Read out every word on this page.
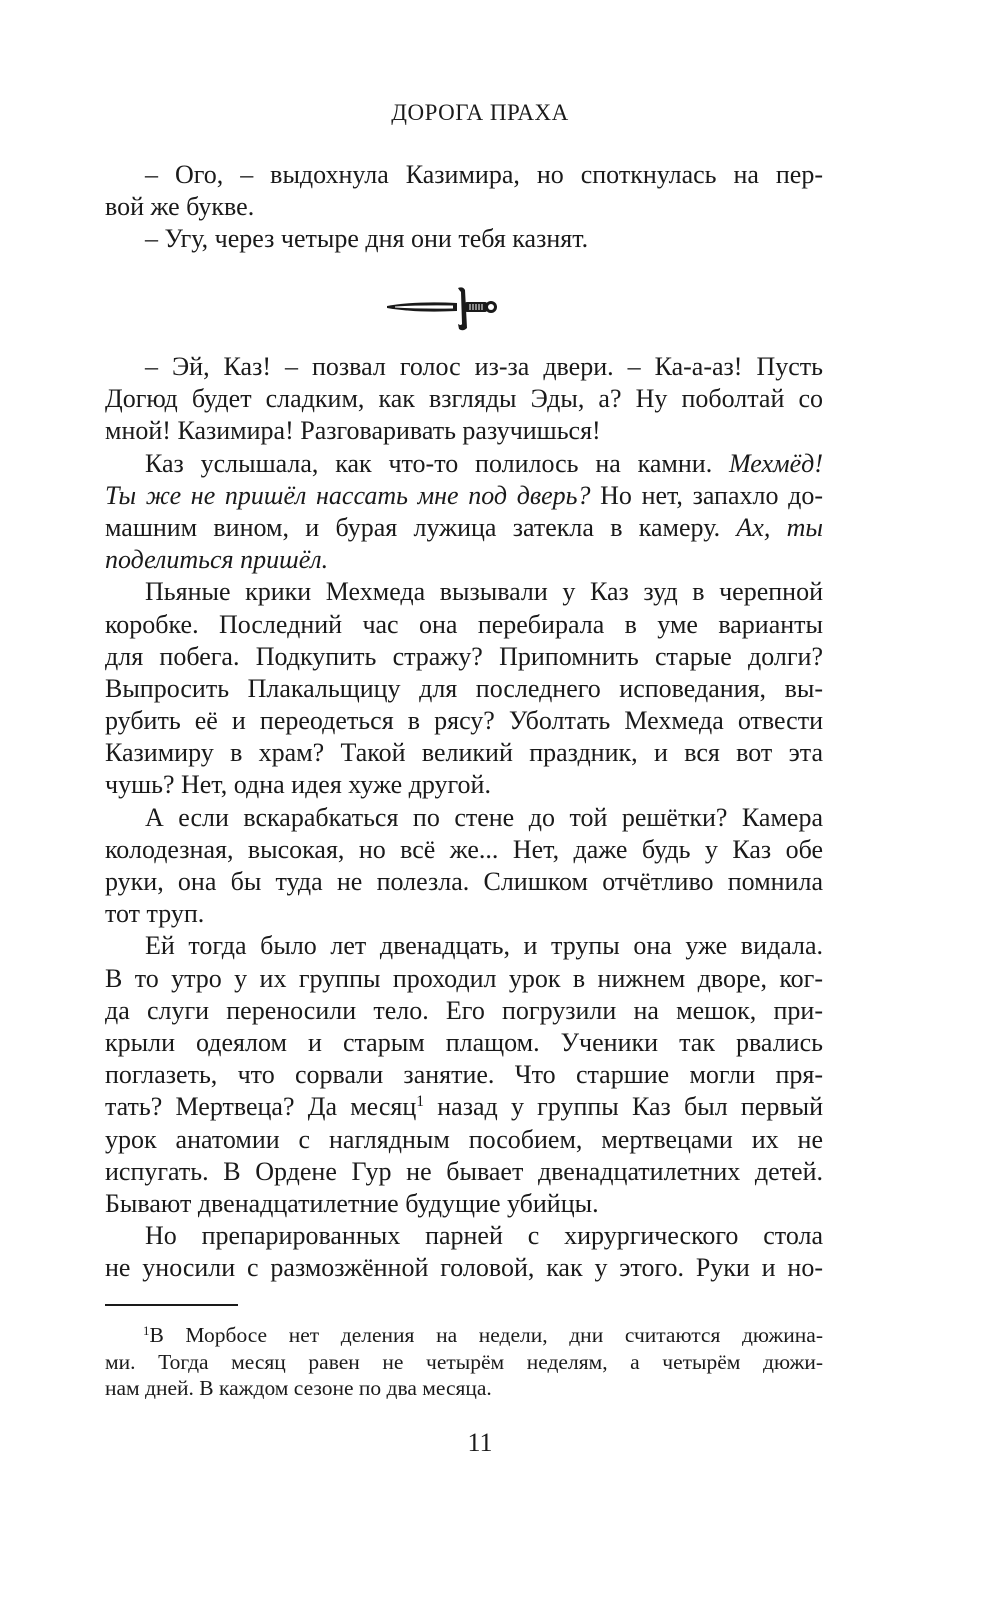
ДОРОГА ПРАХА
– Ого, – выдохнула Казимира, но споткнулась на пер-
вой же букве.
– Угу, через четыре дня они тебя казнят.
– Эй, Каз! – позвал голос из-за двери. – Ка-а-аз! Пусть
Догюд будет сладким, как взгляды Эды, а? Ну поболтай со
мной! Казимира! Разговаривать разучишься!
Каз услышала, как что-то полилось на камни. Мехмёд!
Ты же не пришёл нассать мне под дверь? Но нет, запахло до-
машним вином, и бурая лужица затекла в камеру. Ах, ты
поделиться пришёл.
Пьяные крики Мехмеда вызывали у Каз зуд в черепной
коробке. Последний час она перебирала в уме варианты
для побега. Подкупить стражу? Припомнить старые долги?
Выпросить Плакальщицу для последнего исповедания, вы-
рубить её и переодеться в рясу? Уболтать Мехмеда отвести
Казимиру в храм? Такой великий праздник, и вся вот эта
чушь? Нет, одна идея хуже другой.
А если вскарабкаться по стене до той решётки? Камера
колодезная, высокая, но всё же... Нет, даже будь у Каз обе
руки, она бы туда не полезла. Слишком отчётливо помнила
тот труп.
Ей тогда было лет двенадцать, и трупы она уже видала.
В то утро у их группы проходил урок в нижнем дворе, ког-
да слуги переносили тело. Его погрузили на мешок, при-
крыли одеялом и старым плащом. Ученики так рвались
поглазеть, что сорвали занятие. Что старшие могли пря-
тать? Мертвеца? Да месяц$^1$ назад у группы Каз был первый
урок анатомии с наглядным пособием, мертвецами их не
испугать. В Ордене Гур не бывает двенадцатилетних детей.
Бывают двенадцатилетние будущие убийцы.
Но препарированных парней с хирургического стола
не уносили с размозжённой головой, как у этого. Руки и но-
$^1$В Морбосе нет деления на недели, дни считаются дюжина-
ми. Тогда месяц равен не четырём неделям, а четырём дюжи-
нам дней. В каждом сезоне по два месяца.
11
